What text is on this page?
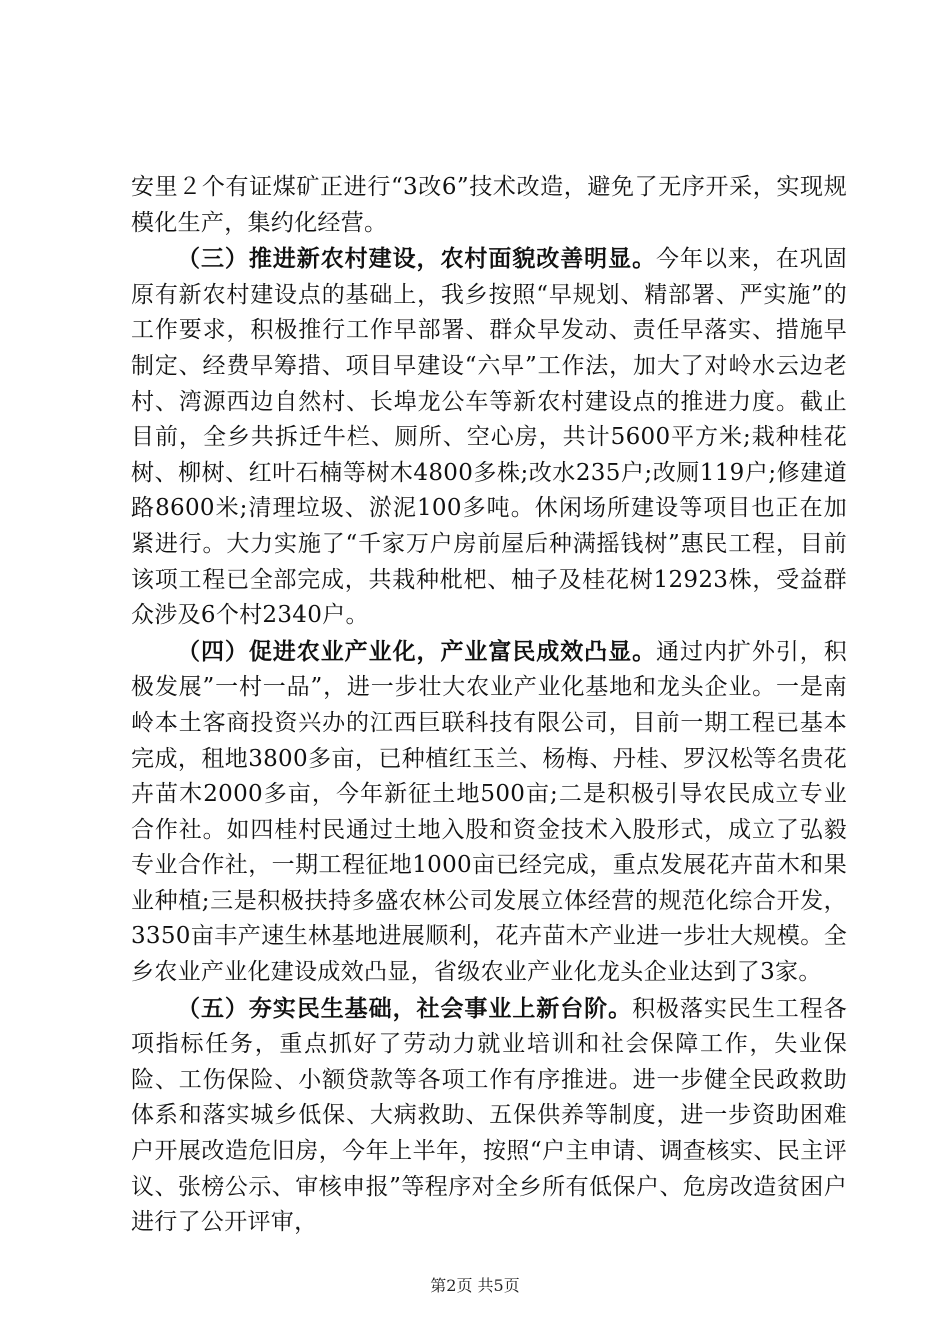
安里２个有证煤矿正进行“3改6”技术改造，避免了无序开采，实现规模化生产，集约化经营。

（三）推进新农村建设，农村面貌改善明显。今年以来，在巩固原有新农村建设点的基础上，我乡按照“早规划、精部署、严实施”的工作要求，积极推行工作早部署、群众早发动、责任早落实、措施早制定、经费早筹措、项目早建设“六早”工作法，加大了对岭水云边老村、湾源西边自然村、长埠龙公车等新农村建设点的推进力度。截止目前，全乡共拆迁牛栏、厕所、空心房，共计5600平方米;栽种桂花树、柳树、红叶石楠等树木4800多株;改水235户;改厕119户;修建道路8600米;清理垃圾、淤泥100多吨。休闲场所建设等项目也正在加紧进行。大力实施了“千家万户房前屋后种满摇钱树”惠民工程，目前该项工程已全部完成，共栽种枇杷、柚子及桂花树12923株，受益群众涉及6个村2340户。

（四）促进农业产业化，产业富民成效凸显。通过内扩外引，积极发展”一村一品”，进一步壮大农业产业化基地和龙头企业。一是南岭本土客商投资兴办的江西巨联科技有限公司，目前一期工程已基本完成，租地3800多亩，已种植红玉兰、杨梅、丹桂、罗汉松等名贵花卉苗木2000多亩，今年新征土地500亩;二是积极引导农民成立专业合作社。如四桂村民通过土地入股和资金技术入股形式，成立了弘毅专业合作社，一期工程征地1000亩已经完成，重点发展花卉苗木和果业种植;三是积极扶持多盛农林公司发展立体经营的规范化综合开发，3350亩丰产速生林基地进展顺利，花卉苗木产业进一步壮大规模。全乡农业产业化建设成效凸显，省级农业产业化龙头企业达到了3家。

（五）夯实民生基础，社会事业上新台阶。积极落实民生工程各项指标任务，重点抓好了劳动力就业培训和社会保障工作，失业保险、工伤保险、小额贷款等各项工作有序推进。进一步健全民政救助体系和落实城乡低保、大病救助、五保供养等制度，进一步资助困难户开展改造危旧房，今年上半年，按照“户主申请、调查核实、民主评议、张榜公示、审核申报”等程序对全乡所有低保户、危房改造贫困户进行了公开评审，

第2页 共5页
